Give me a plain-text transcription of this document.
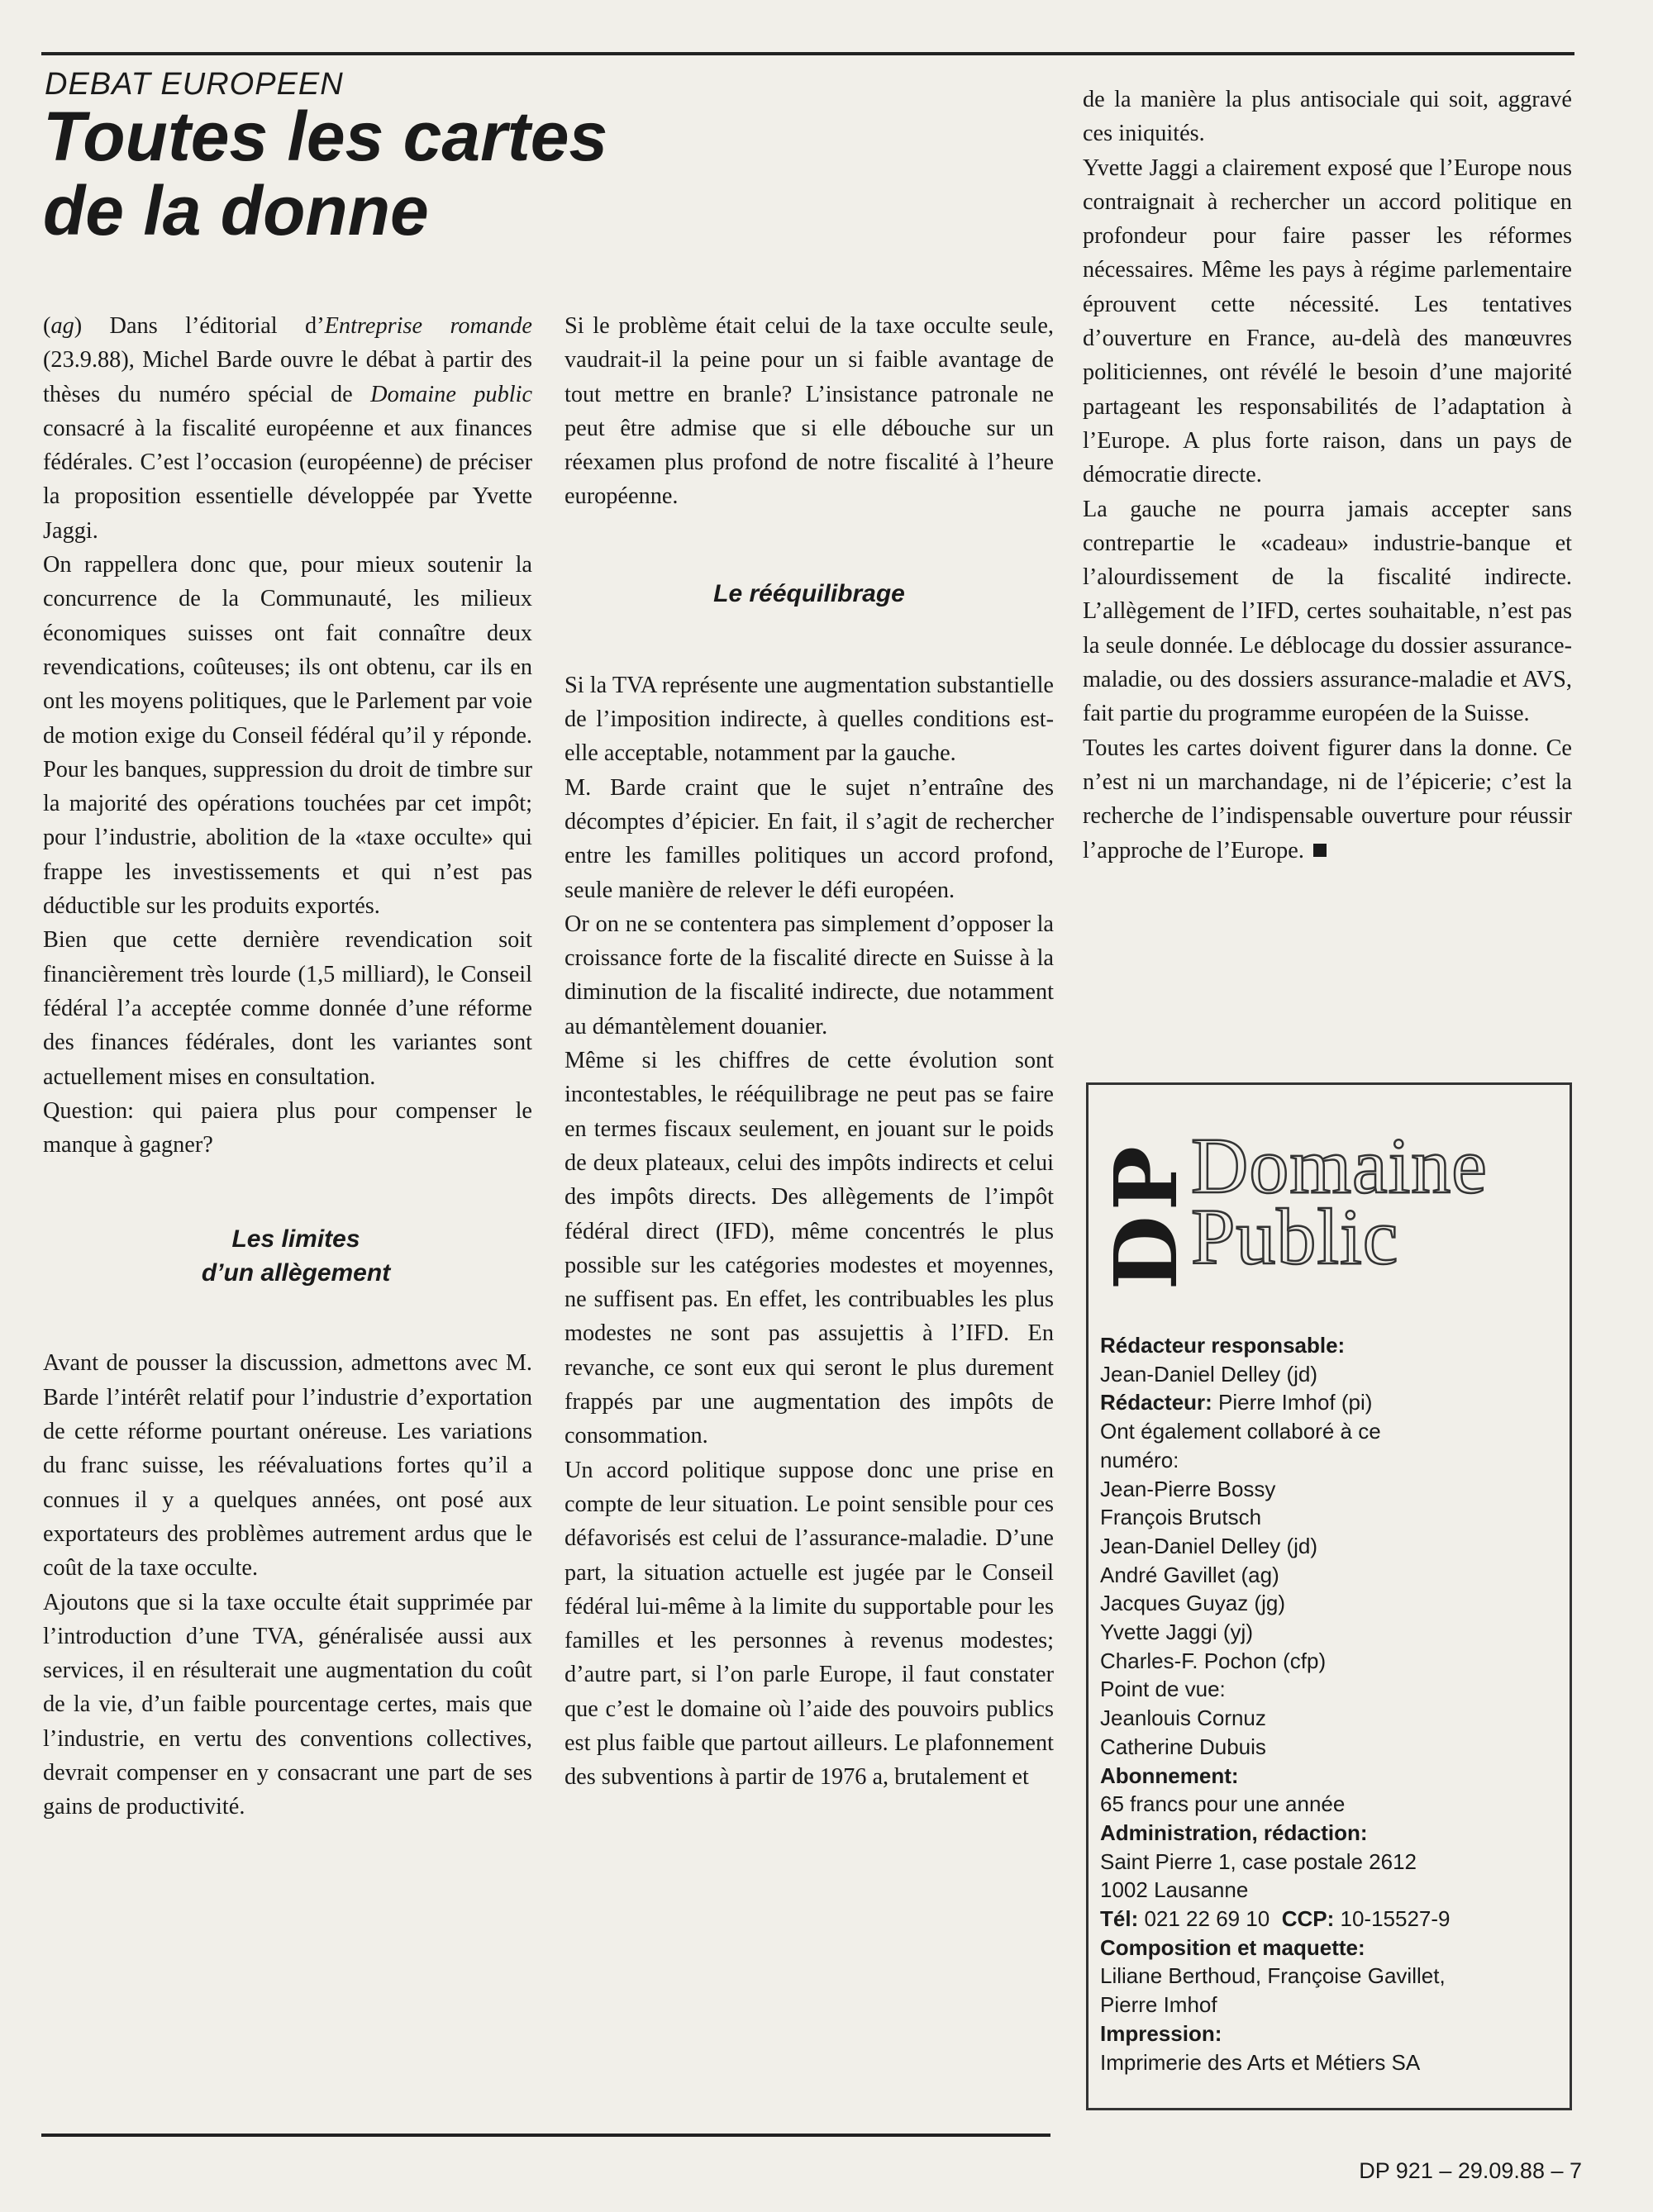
DEBAT EUROPEEN

Toutes les cartes
de la donne

(ag) Dans l’éditorial d’Entreprise romande (23.9.88), Michel Barde ouvre le débat à partir des thèses du numéro spécial de Domaine public consacré à la fiscalité européenne et aux finances fédérales. C’est l’occasion (européenne) de préciser la proposition essentielle développée par Yvette Jaggi.

On rappellera donc que, pour mieux soutenir la concurrence de la Communauté, les milieux économiques suisses ont fait connaître deux revendications, coûteuses; ils ont obtenu, car ils en ont les moyens politiques, que le Parlement par voie de motion exige du Conseil fédéral qu’il y réponde. Pour les banques, suppression du droit de timbre sur la majorité des opérations touchées par cet impôt; pour l’industrie, abolition de la «taxe occulte» qui frappe les investissements et qui n’est pas déductible sur les produits exportés.

Bien que cette dernière revendication soit financièrement très lourde (1,5 milliard), le Conseil fédéral l’a acceptée comme donnée d’une réforme des finances fédérales, dont les variantes sont actuellement mises en consultation.

Question: qui paiera plus pour compenser le manque à gagner?

Les limites
d’un allègement

Avant de pousser la discussion, admettons avec M. Barde l’intérêt relatif pour l’industrie d’exportation de cette réforme pourtant onéreuse. Les variations du franc suisse, les réévaluations fortes qu’il a connues il y a quelques années, ont posé aux exportateurs des problèmes autrement ardus que le coût de la taxe occulte.

Ajoutons que si la taxe occulte était supprimée par l’introduction d’une TVA, généralisée aussi aux services, il en résulterait une augmentation du coût de la vie, d’un faible pourcentage certes, mais que l’industrie, en vertu des conventions collectives, devrait compenser en y consacrant une part de ses gains de productivité.

Si le problème était celui de la taxe occulte seule, vaudrait-il la peine pour un si faible avantage de tout mettre en branle? L’insistance patronale ne peut être admise que si elle débouche sur un réexamen plus profond de notre fiscalité à l’heure européenne.

Le rééquilibrage

Si la TVA représente une augmentation substantielle de l’imposition indirecte, à quelles conditions est-elle acceptable, notamment par la gauche.

M. Barde craint que le sujet n’entraîne des décomptes d’épicier. En fait, il s’agit de rechercher entre les familles politiques un accord profond, seule manière de relever le défi européen.

Or on ne se contentera pas simplement d’opposer la croissance forte de la fiscalité directe en Suisse à la diminution de la fiscalité indirecte, due notamment au démantèlement douanier.

Même si les chiffres de cette évolution sont incontestables, le rééquilibrage ne peut pas se faire en termes fiscaux seulement, en jouant sur le poids de deux plateaux, celui des impôts indirects et celui des impôts directs. Des allègements de l’impôt fédéral direct (IFD), même concentrés le plus possible sur les catégories modestes et moyennes, ne suffisent pas. En effet, les contribuables les plus modestes ne sont pas assujettis à l’IFD. En revanche, ce sont eux qui seront le plus durement frappés par une augmentation des impôts de consommation.

Un accord politique suppose donc une prise en compte de leur situation. Le point sensible pour ces défavorisés est celui de l’assurance-maladie. D’une part, la situation actuelle est jugée par le Conseil fédéral lui-même à la limite du supportable pour les familles et les personnes à revenus modestes; d’autre part, si l’on parle Europe, il faut constater que c’est le domaine où l’aide des pouvoirs publics est plus faible que partout ailleurs. Le plafonnement des subventions à partir de 1976 a, brutalement et

de la manière la plus antisociale qui soit, aggravé ces iniquités.

Yvette Jaggi a clairement exposé que l’Europe nous contraignait à rechercher un accord politique en profondeur pour faire passer les réformes nécessaires. Même les pays à régime parlementaire éprouvent cette nécessité. Les tentatives d’ouverture en France, au-delà des manœuvres politiciennes, ont révélé le besoin d’une majorité partageant les responsabilités de l’adaptation à l’Europe. A plus forte raison, dans un pays de démocratie directe.

La gauche ne pourra jamais accepter sans contrepartie le «cadeau» industrie-banque et l’alourdissement de la fiscalité indirecte. L’allègement de l’IFD, certes souhaitable, n’est pas la seule donnée. Le déblocage du dossier assurance-maladie, ou des dossiers assurance-maladie et AVS, fait partie du programme européen de la Suisse.

Toutes les cartes doivent figurer dans la donne. Ce n’est ni un marchandage, ni de l’épicerie; c’est la recherche de l’indispensable ouverture pour réussir l’approche de l’Europe.

DP
Domaine
Public
Rédacteur responsable:
Jean-Daniel Delley (jd)
Rédacteur: Pierre Imhof (pi)
Ont également collaboré à ce
numéro:
Jean-Pierre Bossy
François Brutsch
Jean-Daniel Delley (jd)
André Gavillet (ag)
Jacques Guyaz (jg)
Yvette Jaggi (yj)
Charles-F. Pochon (cfp)
Point de vue:
Jeanlouis Cornuz
Catherine Dubuis
Abonnement:
65 francs pour une année
Administration, rédaction:
Saint Pierre 1, case postale 2612
1002 Lausanne
Tél: 021 22 69 10  CCP: 10-15527-9
Composition et maquette:
Liliane Berthoud, Françoise Gavillet,
Pierre Imhof
Impression:
Imprimerie des Arts et Métiers SA
DP 921 – 29.09.88 – 7
